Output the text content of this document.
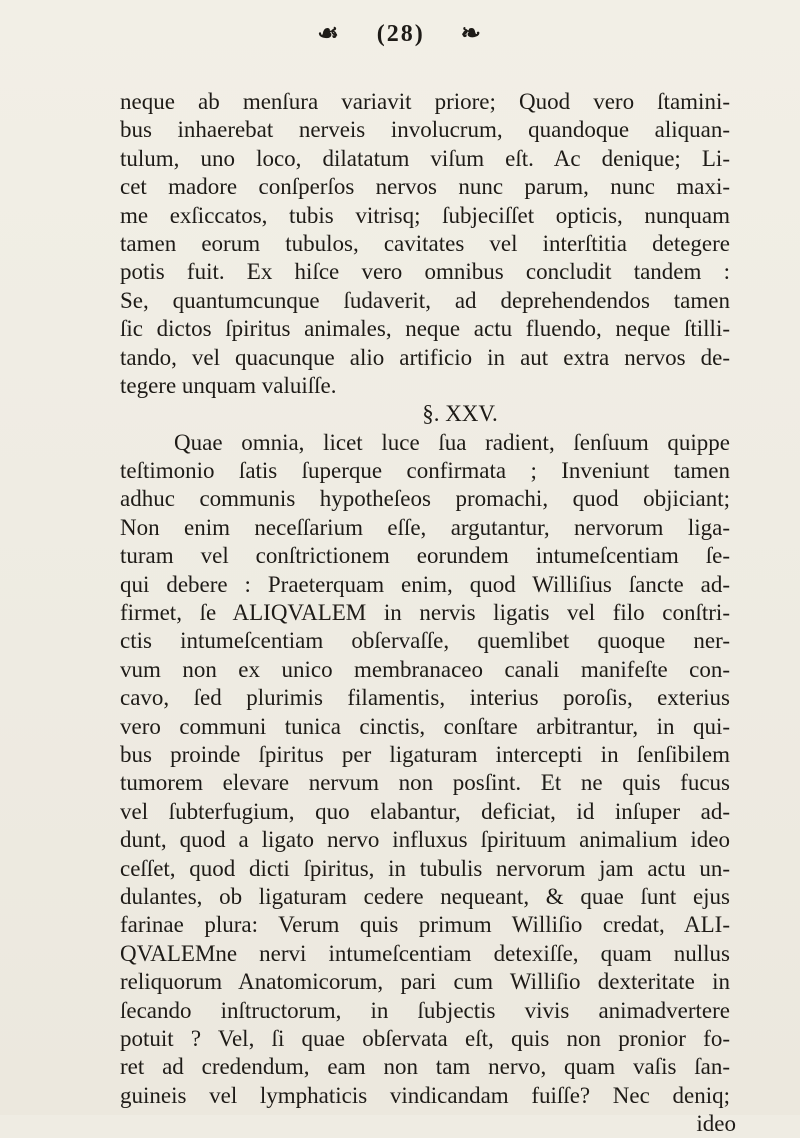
☙ (28) ❧
neque ab menſura variavit priore; Quod vero ſtamini-
bus inhaerebat nerveis involucrum, quandoque aliquan-
tulum, uno loco, dilatatum viſum eſt. Ac denique; Li-
cet madore conſperſos nervos nunc parum, nunc maxi-
me exſiccatos, tubis vitrisq; ſubjeciſſet opticis, nunquam
tamen eorum tubulos, cavitates vel interſtitia detegere
potis fuit. Ex hiſce vero omnibus concludit tandem :
Se, quantumcunque ſudaverit, ad deprehendendos tamen
ſic dictos ſpiritus animales, neque actu fluendo, neque ſtilli-
tando, vel quacunque alio artificio in aut extra nervos de-
tegere unquam valuiſſe.
§. XXV.
Quae omnia, licet luce ſua radient, ſenſuum quippe
teſtimonio ſatis ſuperque confirmata ; Inveniunt tamen
adhuc communis hypotheſeos promachi, quod objiciant;
Non enim neceſſarium eſſe, argutantur, nervorum liga-
turam vel conſtrictionem eorundem intumeſcentiam ſe-
qui debere : Praeterquam enim, quod Williſius ſancte ad-
firmet, ſe ALIQVALEM in nervis ligatis vel filo conſtri-
ctis intumeſcentiam obſervaſſe, quemlibet quoque ner-
vum non ex unico membranaceo canali manifeſte con-
cavo, ſed plurimis filamentis, interius poroſis, exterius
vero communi tunica cinctis, conſtare arbitrantur, in qui-
bus proinde ſpiritus per ligaturam intercepti in ſenſibilem
tumorem elevare nervum non posſint. Et ne quis fucus
vel ſubterfugium, quo elabantur, deficiat, id inſuper ad-
dunt, quod a ligato nervo influxus ſpirituum animalium ideo
ceſſet, quod dicti ſpiritus, in tubulis nervorum jam actu un-
dulantes, ob ligaturam cedere nequeant, & quae ſunt ejus
farinae plura: Verum quis primum Williſio credat, ALI-
QVALEMne nervi intumeſcentiam detexiſſe, quam nullus
reliquorum Anatomicorum, pari cum Williſio dexteritate in
ſecando inſtructorum, in ſubjectis vivis animadvertere
potuit ? Vel, ſi quae obſervata eſt, quis non pronior fo-
ret ad credendum, eam non tam nervo, quam vaſis ſan-
guineis vel lymphaticis vindicandam fuiſſe? Nec deniq;
ideo
